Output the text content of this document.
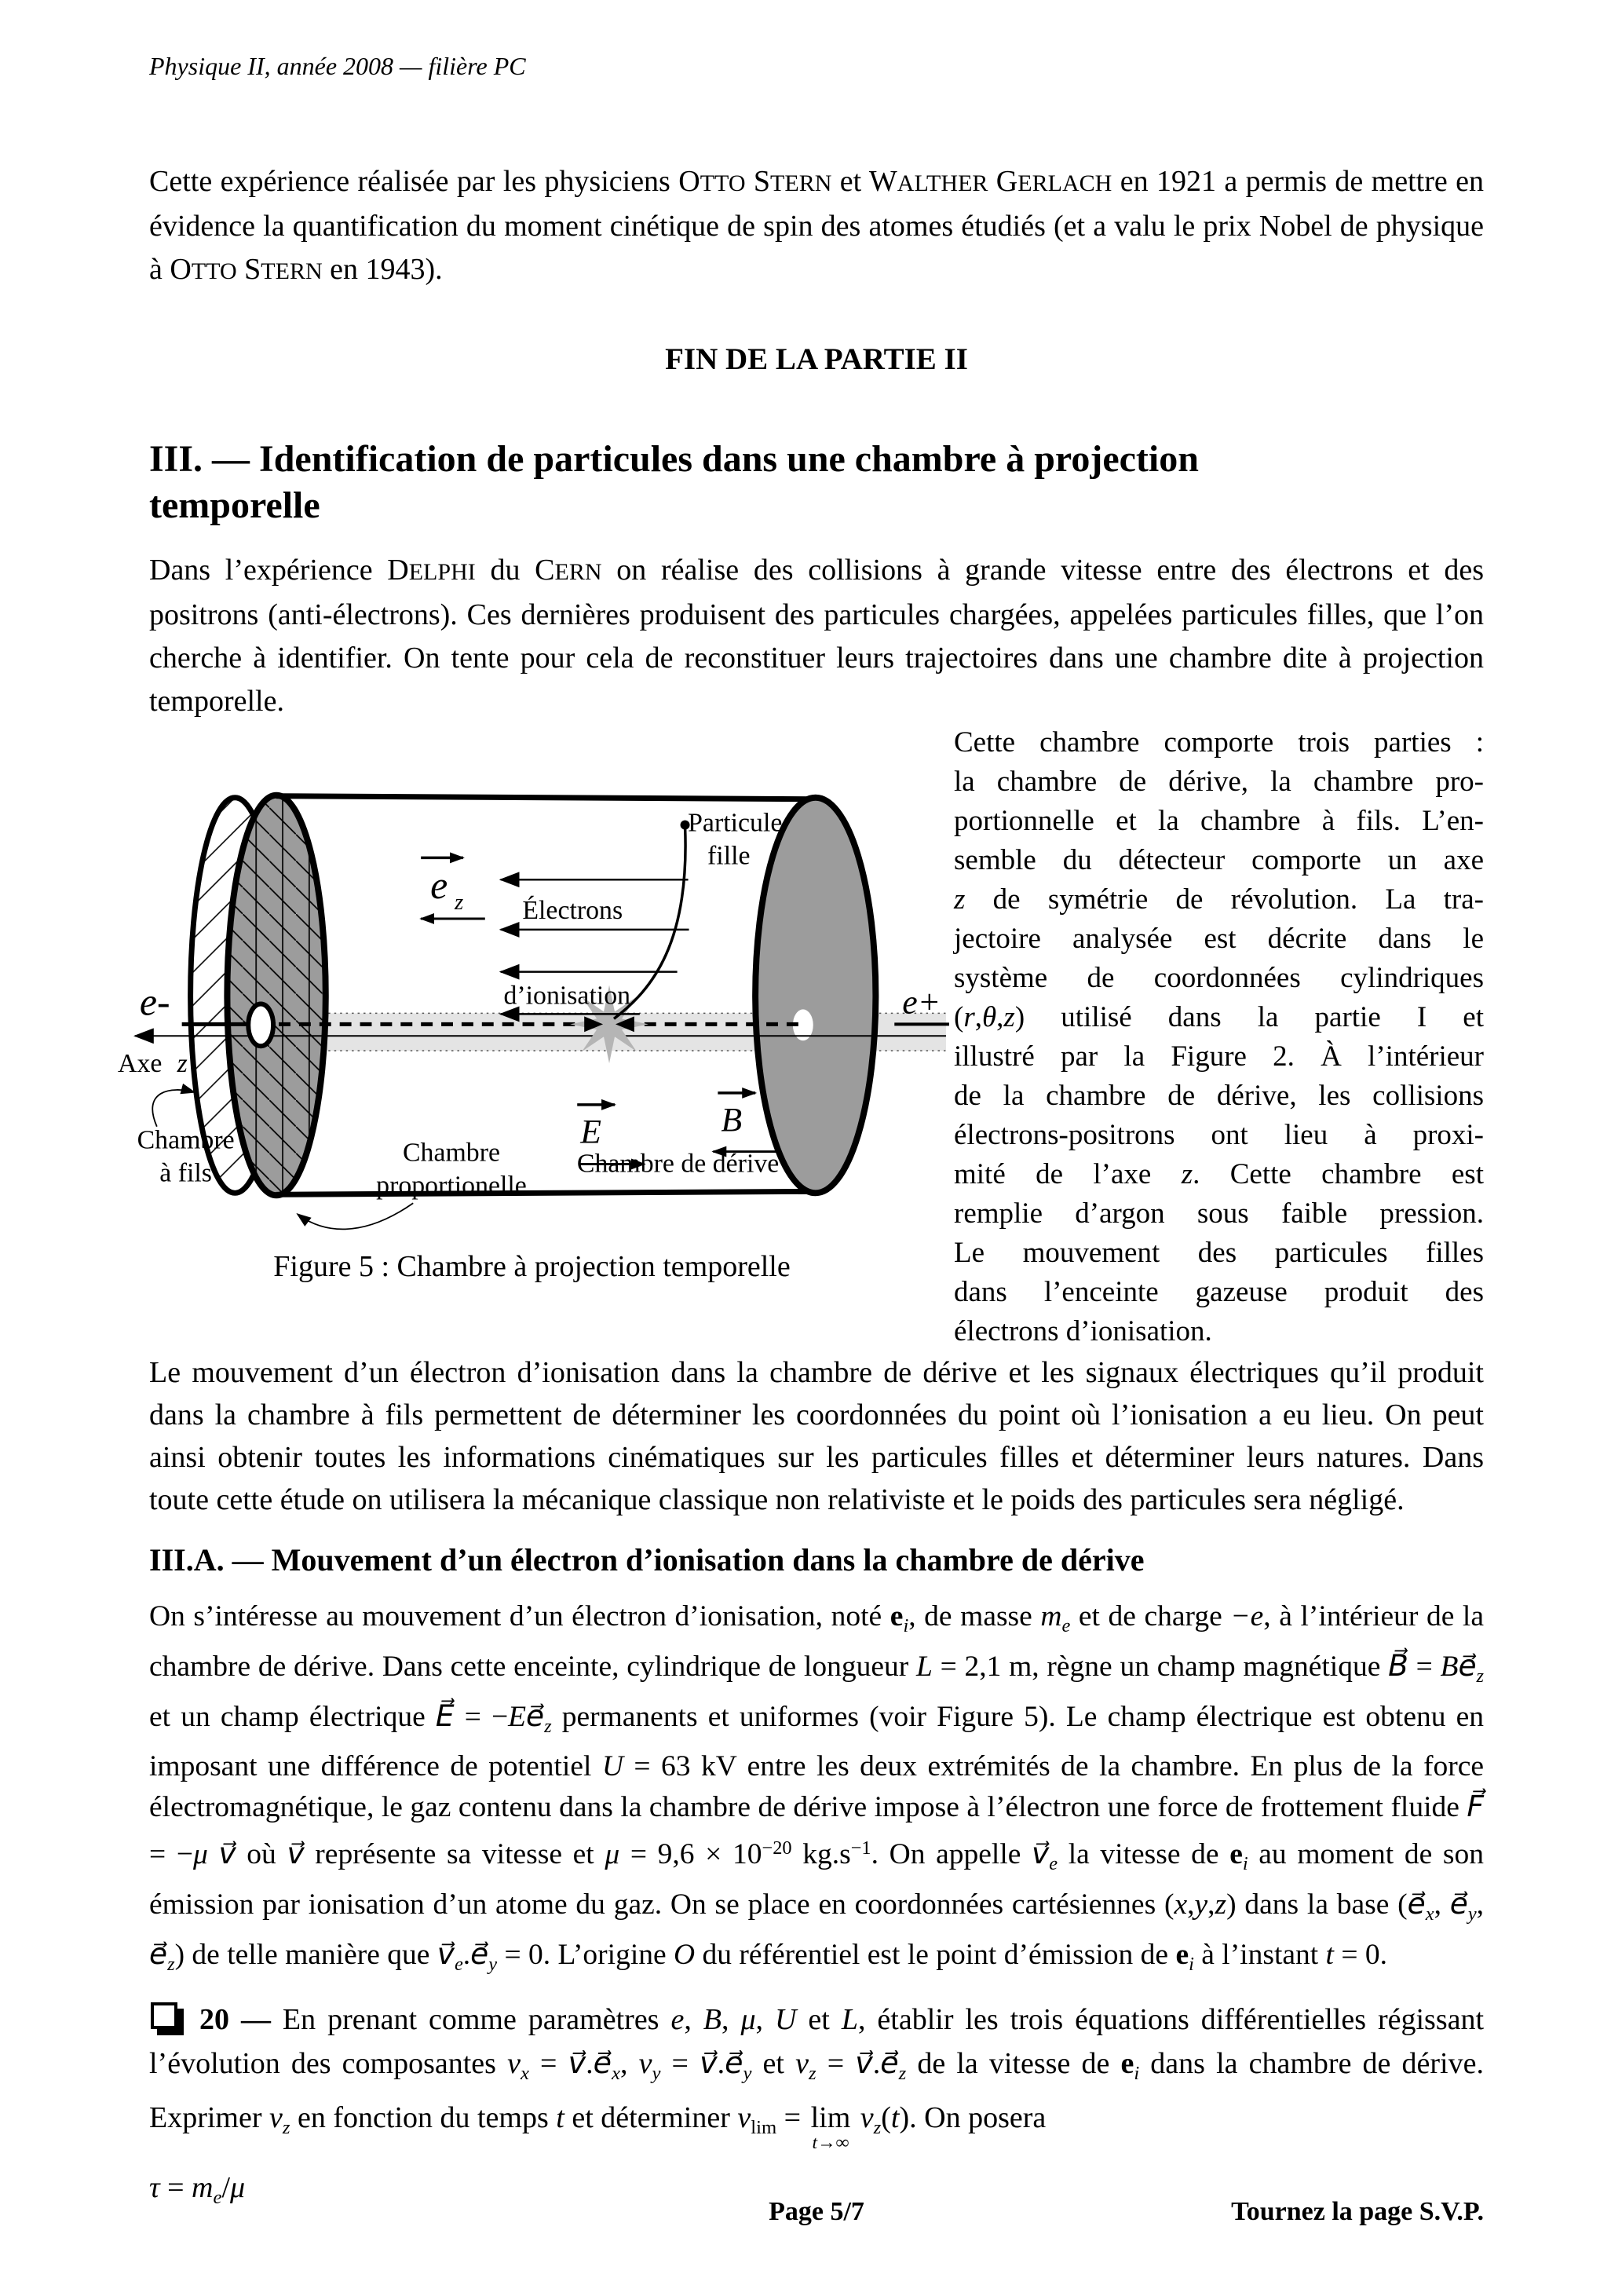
Physique II, année 2008 — filière PC

Cette expérience réalisée par les physiciens OTTO STERN et WALTHER GERLACH en 1921 a permis de mettre en évidence la quantification du moment cinétique de spin des atomes étudiés (et a valu le prix Nobel de physique à OTTO STERN en 1943).

FIN DE LA PARTIE II
III. — Identification de particules dans une chambre à projection
temporelle

Dans l’expérience DELPHI du CERN on réalise des collisions à grande vitesse entre des électrons et des positrons (anti-électrons). Ces dernières produisent des particules chargées, appelées particules filles, que l’on cherche à identifier. On tente pour cela de reconstituer leurs trajectoires dans une chambre dite à projection temporelle.

e z
E	B
e-	e+
Axe z
Électrons
d’ionisation
Particule
fille
Chambre
à fils
Chambre
proportionelle
Chambre de dérive
Figure 5 : Chambre à projection temporelle
Cette chambre comporte trois parties :
la chambre de dérive, la chambre pro-
portionnelle et la chambre à fils. L’en-
semble du détecteur comporte un axe
z de symétrie de révolution. La tra-
jectoire analysée est décrite dans le
système de coordonnées cylindriques
(r,θ,z) utilisé dans la partie I et
illustré par la Figure 2. À l’intérieur
de la chambre de dérive, les collisions
électrons-positrons ont lieu à proxi-
mité de l’axe z. Cette chambre est
remplie d’argon sous faible pression.
Le mouvement des particules filles
dans l’enceinte gazeuse produit des
électrons d’ionisation.

Le mouvement d’un électron d’ionisation dans la chambre de dérive et les signaux électriques qu’il produit dans la chambre à fils permettent de déterminer les coordonnées du point où l’ionisation a eu lieu. On peut ainsi obtenir toutes les informations cinématiques sur les particules filles et déterminer leurs natures. Dans toute cette étude on utilisera la mécanique classique non relativiste et le poids des particules sera négligé.

III.A. — Mouvement d’un électron d’ionisation dans la chambre de dérive

On s’intéresse au mouvement d’un électron d’ionisation, noté $e_i$, de masse $m_e$ et de charge −e, à l’intérieur de la chambre de dérive. Dans cette enceinte, cylindrique de longueur L = 2,1 m, règne un champ magnétique B⃗ = $Be⃗_z$ et un champ électrique E⃗ = $-Ee⃗_z$ permanents et uniformes (voir Figure 5). Le champ électrique est obtenu en imposant une différence de potentiel U = 63 kV entre les deux extrémités de la chambre. En plus de la force électromagnétique, le gaz contenu dans la chambre de dérive impose à l’électron une force de frottement fluide F⃗ = −μ v⃗ où v⃗ représente sa vitesse et $\mu = 9,6 \times 10^{-20}$ $kg.s^{-1}$. On appelle $v⃗_e$ la vitesse de $e_i$ au moment de son émission par ionisation d’un atome du gaz. On se place en coordonnées cartésiennes (x,y,z) dans la base ($e⃗_x$, $e⃗_y$, $e⃗_z$) de telle manière que $v⃗_e.e⃗_y = 0$. L’origine O du référentiel est le point d’émission de $e_i$ à l’instant t = 0.

20 — En prenant comme paramètres e, B, μ, U et L, établir les trois équations différentielles régissant l’évolution des composantes $v_x$ = $v⃗.e⃗_x$, $v_y$ = $v⃗.e⃗_y$ et $v_z$ = $v⃗.e⃗_z$ de la vitesse de $e_i$ dans la chambre de dérive. Exprimer $v_z$ en fonction du temps t et déterminer $v_{lim} = \lim$
t→∞
$v_z(t)$. On posera

$\tau = m_e/\mu$

Page 5/7	Tournez la page S.V.P.
